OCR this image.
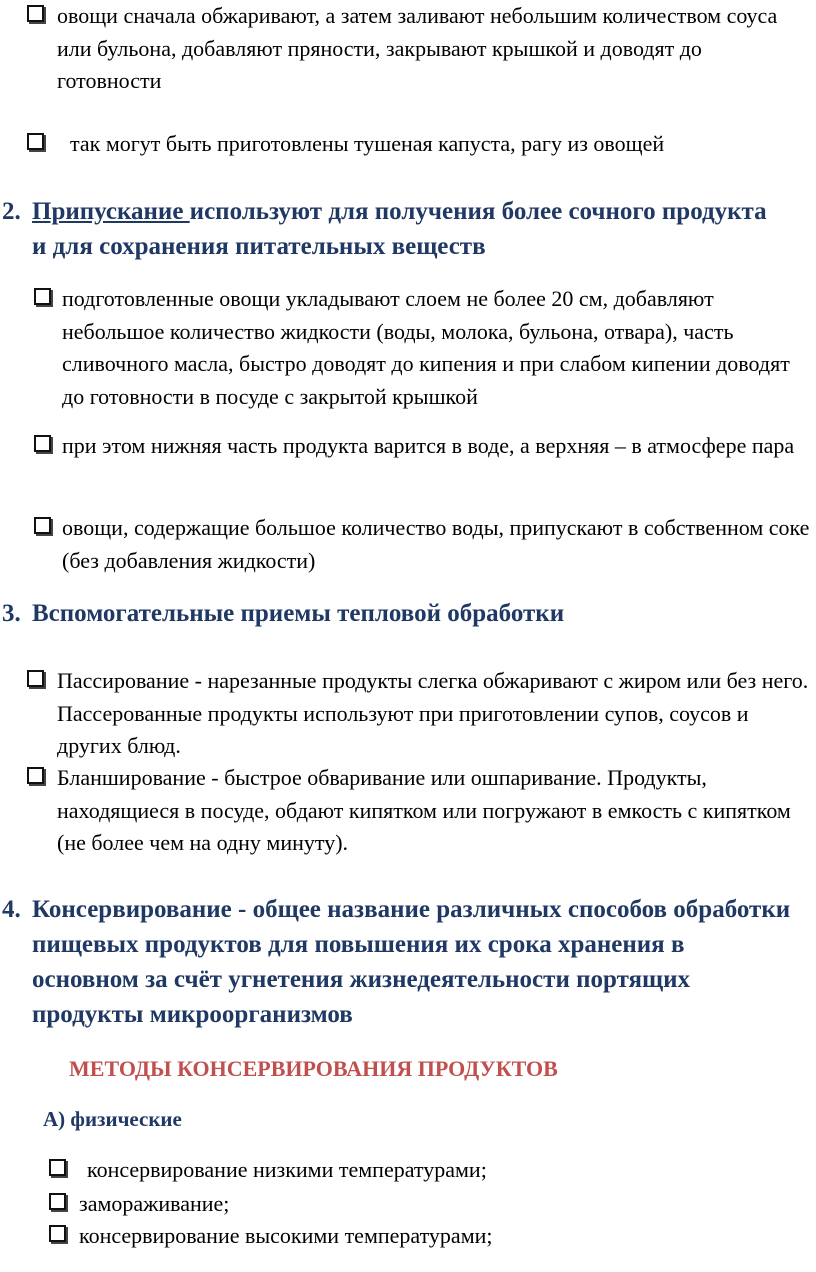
овощи сначала обжаривают, а затем заливают небольшим количеством соуса или бульона, добавляют пряности, закрывают крышкой и доводят до готовности
так могут быть приготовлены тушеная капуста, рагу из овощей
2. Припускание используют для получения более сочного продукта и для сохранения питательных веществ
подготовленные овощи укладывают слоем не более 20 см, добавляют небольшое количество жидкости (воды, молока, бульона, отвара), часть сливочного масла, быстро доводят до кипения и при слабом кипении доводят до готовности в посуде с закрытой крышкой
при этом нижняя часть продукта варится в воде, а верхняя – в атмосфере пара
овощи, содержащие большое количество воды, припускают в собственном соке (без добавления жидкости)
3. Вспомогательные приемы тепловой обработки
Пассирование - нарезанные продукты слегка обжаривают с жиром или без него. Пассерованные продукты используют при приготовлении супов, соусов и других блюд.
Бланширование - быстрое обваривание или ошпаривание. Продукты, находящиеся в посуде, обдают кипятком или погружают в емкость с кипятком (не более чем на одну минуту).
4. Консервирование - общее название различных способов обработки пищевых продуктов для повышения их срока хранения в основном за счёт угнетения жизнедеятельности портящих продукты микроорганизмов
МЕТОДЫ КОНСЕРВИРОВАНИЯ ПРОДУКТОВ
А) физические
консервирование низкими температурами;
замораживание;
консервирование высокими температурами;
